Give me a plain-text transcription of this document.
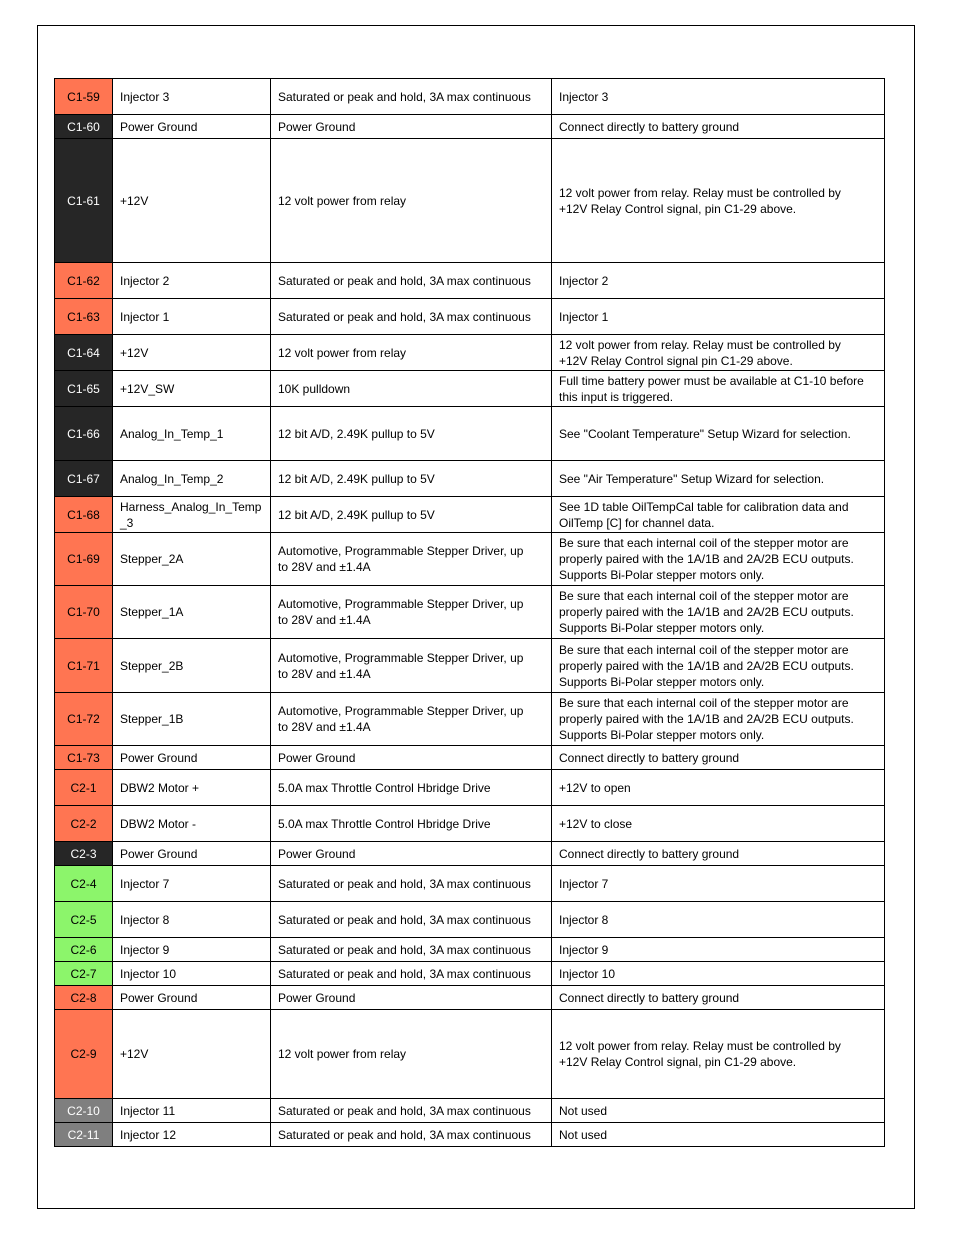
C1-59	Injector 3	Saturated or peak and hold, 3A max continuous	Injector 3
C1-60	Power Ground	Power Ground	Connect directly to battery ground
C1-61	+12V	12 volt power from relay	12 volt power from relay. Relay must be controlled by
+12V Relay Control signal, pin C1-29 above.
C1-62	Injector 2	Saturated or peak and hold, 3A max continuous	Injector 2
C1-63	Injector 1	Saturated or peak and hold, 3A max continuous	Injector 1
C1-64	+12V	12 volt power from relay	12 volt power from relay. Relay must be controlled by
+12V Relay Control signal pin C1-29 above.
C1-65	+12V_SW	10K pulldown	Full time battery power must be available at C1-10 before
this input is triggered.
C1-66	Analog_In_Temp_1	12 bit A/D, 2.49K pullup to 5V	See "Coolant Temperature" Setup Wizard for selection.
C1-67	Analog_In_Temp_2	12 bit A/D, 2.49K pullup to 5V	See "Air Temperature" Setup Wizard for selection.
C1-68	Harness_Analog_In_Temp
_3	12 bit A/D, 2.49K pullup to 5V	See 1D table OilTempCal table for calibration data and
OilTemp [C] for channel data.
C1-69	Stepper_2A	Automotive, Programmable Stepper Driver, up
to 28V and ±1.4A	Be sure that each internal coil of the stepper motor are
properly paired with the 1A/1B and 2A/2B ECU outputs.
Supports Bi-Polar stepper motors only.
C1-70	Stepper_1A	Automotive, Programmable Stepper Driver, up
to 28V and ±1.4A	Be sure that each internal coil of the stepper motor are
properly paired with the 1A/1B and 2A/2B ECU outputs.
Supports Bi-Polar stepper motors only.
C1-71	Stepper_2B	Automotive, Programmable Stepper Driver, up
to 28V and ±1.4A	Be sure that each internal coil of the stepper motor are
properly paired with the 1A/1B and 2A/2B ECU outputs.
Supports Bi-Polar stepper motors only.
C1-72	Stepper_1B	Automotive, Programmable Stepper Driver, up
to 28V and ±1.4A	Be sure that each internal coil of the stepper motor are
properly paired with the 1A/1B and 2A/2B ECU outputs.
Supports Bi-Polar stepper motors only.
C1-73	Power Ground	Power Ground	Connect directly to battery ground
C2-1	DBW2 Motor +	5.0A max Throttle Control Hbridge Drive	+12V to open
C2-2	DBW2 Motor -	5.0A max Throttle Control Hbridge Drive	+12V to close
C2-3	Power Ground	Power Ground	Connect directly to battery ground
C2-4	Injector 7	Saturated or peak and hold, 3A max continuous	Injector 7
C2-5	Injector 8	Saturated or peak and hold, 3A max continuous	Injector 8
C2-6	Injector 9	Saturated or peak and hold, 3A max continuous	Injector 9
C2-7	Injector 10	Saturated or peak and hold, 3A max continuous	Injector 10
C2-8	Power Ground	Power Ground	Connect directly to battery ground
C2-9	+12V	12 volt power from relay	12 volt power from relay. Relay must be controlled by
+12V Relay Control signal, pin C1-29 above.
C2-10	Injector 11	Saturated or peak and hold, 3A max continuous	Not used
C2-11	Injector 12	Saturated or peak and hold, 3A max continuous	Not used
